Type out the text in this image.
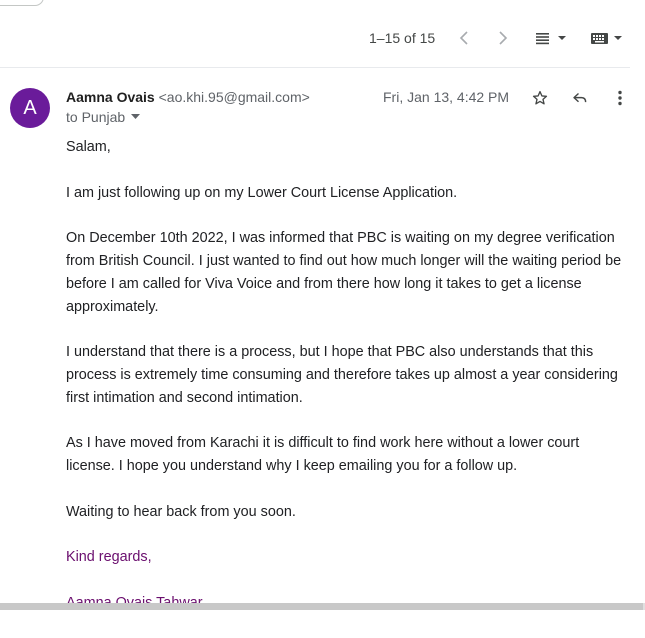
1–15 of 15
A	Aamna Ovais <ao.khi.95@gmail.com>
to Punjab
Fri, Jan 13, 4:42 PM

Salam,

I am just following up on my Lower Court License Application.

On December 10th 2022, I was informed that PBC is waiting on my degree verification from British Council. I just wanted to find out how much longer will the waiting period be before I am called for Viva Voice and from there how long it takes to get a license approximately.

I understand that there is a process, but I hope that PBC also understands that this process is extremely time consuming and therefore takes up almost a year considering first intimation and second intimation.

As I have moved from Karachi it is difficult to find work here without a lower court license. I hope you understand why I keep emailing you for a follow up.

Waiting to hear back from you soon.

Kind regards,
